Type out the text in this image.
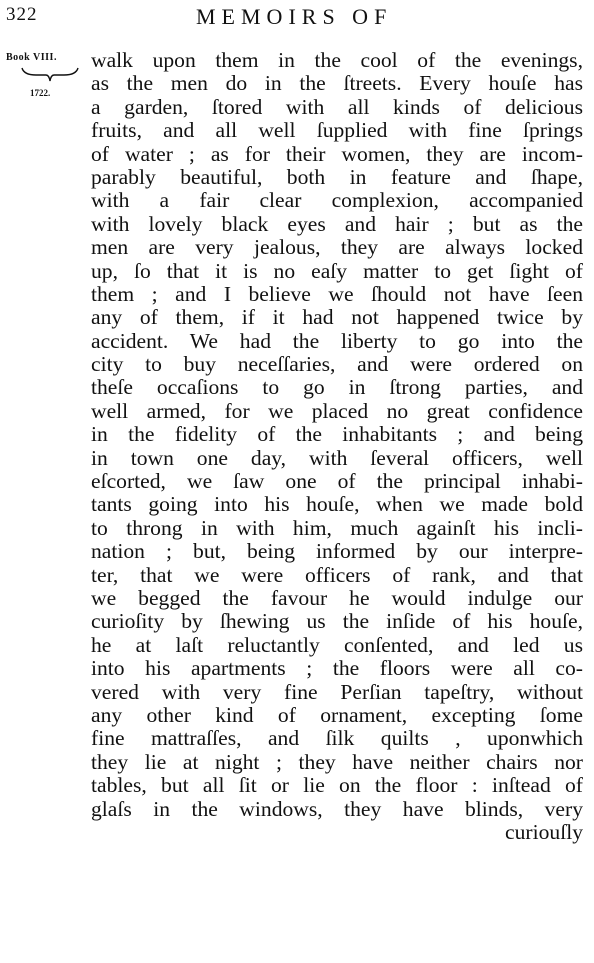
322	MEMOIRS OF
Book VIII.
1722.
walk upon them in the cool of the evenings,
as the men do in the ſtreets. Every houſe has
a garden, ſtored with all kinds of delicious
fruits, and all well ſupplied with fine ſprings
of water ; as for their women, they are incom-
parably beautiful, both in feature and ſhape,
with a fair clear complexion, accompanied
with lovely black eyes and hair ; but as the
men are very jealous, they are always locked
up, ſo that it is no eaſy matter to get ſight of
them ; and I believe we ſhould not have ſeen
any of them, if it had not happened twice by
accident. We had the liberty to go into the
city to buy neceſſaries, and were ordered on
theſe occaſions to go in ſtrong parties, and
well armed, for we placed no great confidence
in the fidelity of the inhabitants ; and being
in town one day, with ſeveral officers, well
eſcorted, we ſaw one of the principal inhabi-
tants going into his houſe, when we made bold
to throng in with him, much againſt his incli-
nation ; but, being informed by our interpre-
ter, that we were officers of rank, and that
we begged the favour he would indulge our
curioſity by ſhewing us the inſide of his houſe,
he at laſt reluctantly conſented, and led us
into his apartments ; the floors were all co-
vered with very fine Perſian tapeſtry, without
any other kind of ornament, excepting ſome
fine mattraſſes, and ſilk quilts , uponwhich
they lie at night ; they have neither chairs nor
tables, but all ſit or lie on the floor : inſtead of
glaſs in the windows, they have blinds, very
curiouſly
